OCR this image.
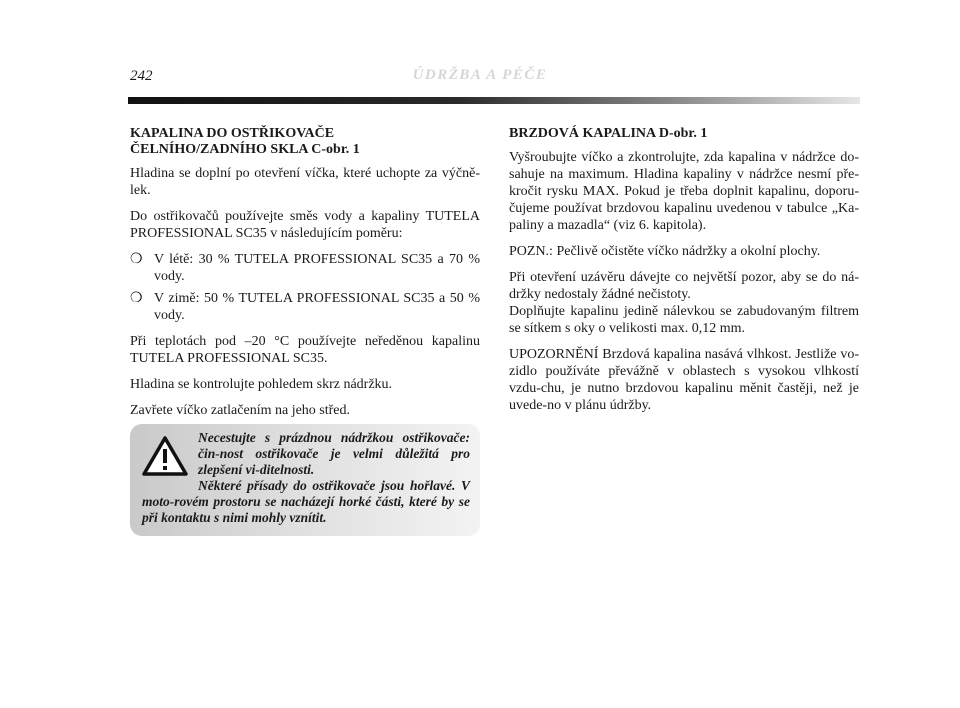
242	ÚDRŽBA A PÉČE
KAPALINA DO OSTŘIKOVAČE
ČELNÍHO/ZADNÍHO SKLA C-obr. 1

Hladina se doplní po otevření víčka, které uchopte za výčně-lek.

Do ostřikovačů používejte směs vody a kapaliny TUTELA PROFESSIONAL SC35 v následujícím poměru:

❍ V létě: 30 % TUTELA PROFESSIONAL SC35 a 70 % vody.
❍ V zimě: 50 % TUTELA PROFESSIONAL SC35 a 50 % vody.

Při teplotách pod –20 °C používejte neředěnou kapalinu TUTELA PROFESSIONAL SC35.

Hladina se kontrolujte pohledem skrz nádržku.

Zavřete víčko zatlačením na jeho střed.

Necestujte s prázdnou nádržkou ostřikovače: čin-nost ostřikovače je velmi důležitá pro zlepšení vi-ditelnosti.

Některé přísady do ostřikovače jsou hořlavé. V moto-rovém prostoru se nacházejí horké části, které by se při kontaktu s nimi mohly vznítit.

BRZDOVÁ KAPALINA D-obr. 1

Vyšroubujte víčko a zkontrolujte, zda kapalina v nádržce do-sahuje na maximum. Hladina kapaliny v nádržce nesmí pře-kročit rysku MAX. Pokud je třeba doplnit kapalinu, doporu-čujeme používat brzdovou kapalinu uvedenou v tabulce „Ka-paliny a mazadla“ (viz 6. kapitola).

POZN.: Pečlivě očistěte víčko nádržky a okolní plochy.

Při otevření uzávěru dávejte co největší pozor, aby se do ná-držky nedostaly žádné nečistoty.
Doplňujte kapalinu jedině nálevkou se zabudovaným filtrem se sítkem s oky o velikosti max. 0,12 mm.

UPOZORNĚNÍ Brzdová kapalina nasává vlhkost. Jestliže vo-zidlo používáte převážně v oblastech s vysokou vlhkostí vzdu-chu, je nutno brzdovou kapalinu měnit častěji, než je uvede-no v plánu údržby.
